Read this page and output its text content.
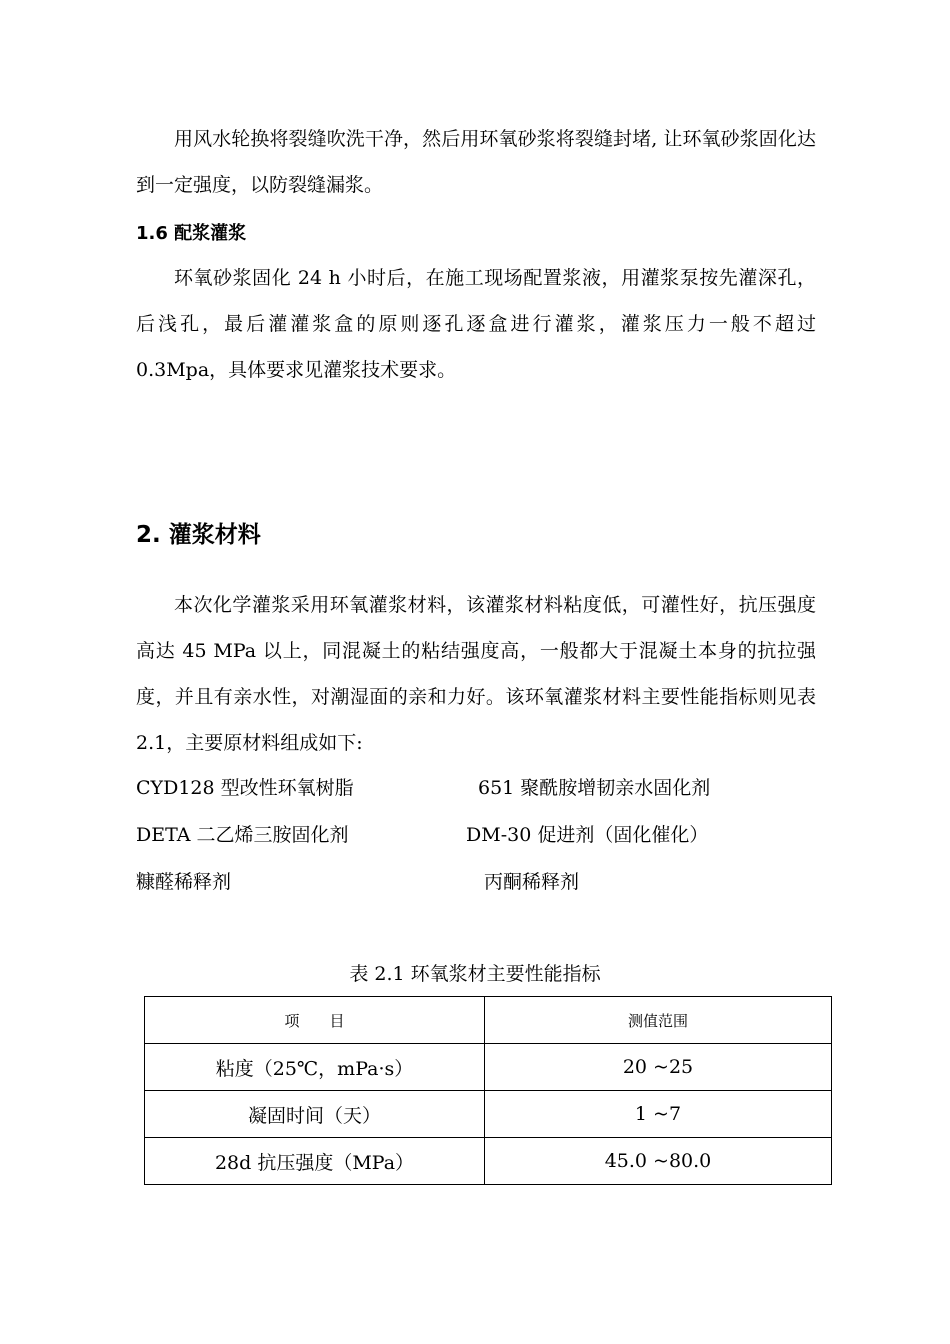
用风水轮换将裂缝吹洗干净，然后用环氧砂浆将裂缝封堵, 让环氧砂浆固化达到一定强度，以防裂缝漏浆。
1.6 配浆灌浆
环氧砂浆固化 24 h 小时后，在施工现场配置浆液，用灌浆泵按先灌深孔，后浅孔，最后灌灌浆盒的原则逐孔逐盒进行灌浆，灌浆压力一般不超过 0.3Mpa，具体要求见灌浆技术要求。
2. 灌浆材料
本次化学灌浆采用环氧灌浆材料，该灌浆材料粘度低，可灌性好，抗压强度高达 45 MPa 以上，同混凝土的粘结强度高，一般都大于混凝土本身的抗拉强度，并且有亲水性，对潮湿面的亲和力好。该环氧灌浆材料主要性能指标则见表 2.1，主要原材料组成如下:
CYD128 型改性环氧树脂	651 聚酰胺增韧亲水固化剂
DETA 二乙烯三胺固化剂	DM-30 促进剂（固化催化）
糠醛稀释剂	丙酮稀释剂
表 2.1 环氧浆材主要性能指标
项　　目	测值范围
粘度（25℃，mPa·s）	20 ~25
凝固时间（天）	1 ~7
28d 抗压强度（MPa）	45.0 ~80.0
